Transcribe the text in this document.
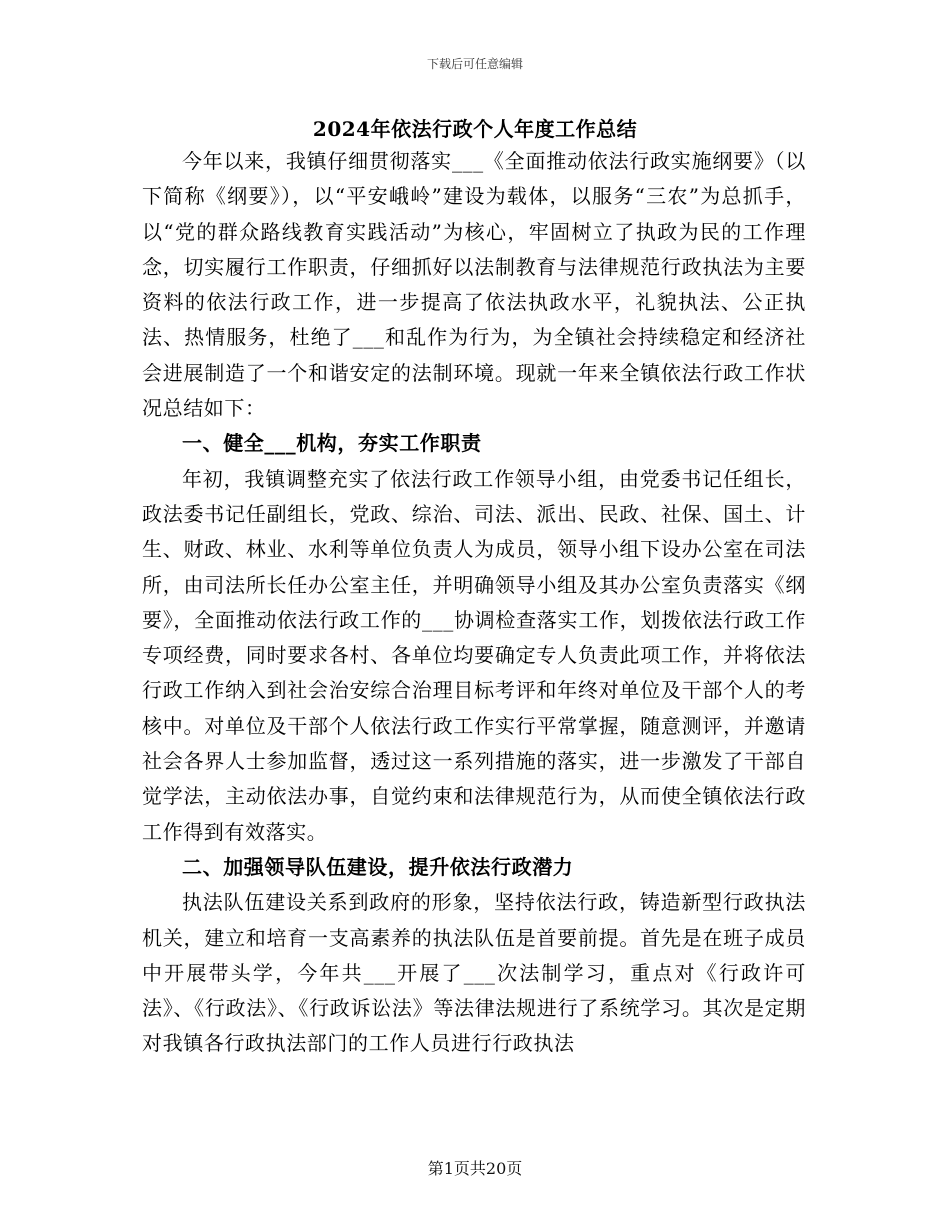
下载后可任意编辑
2024年依法行政个人年度工作总结

今年以来，我镇仔细贯彻落实___《全面推动依法行政实施纲要》（以下简称《纲要》），以“平安峨岭”建设为载体，以服务“三农”为总抓手，以“党的群众路线教育实践活动”为核心，牢固树立了执政为民的工作理念，切实履行工作职责，仔细抓好以法制教育与法律规范行政执法为主要资料的依法行政工作，进一步提高了依法执政水平，礼貌执法、公正执法、热情服务，杜绝了___和乱作为行为，为全镇社会持续稳定和经济社会进展制造了一个和谐安定的法制环境。现就一年来全镇依法行政工作状况总结如下：

一、健全___机构，夯实工作职责

年初，我镇调整充实了依法行政工作领导小组，由党委书记任组长，政法委书记任副组长，党政、综治、司法、派出、民政、社保、国土、计生、财政、林业、水利等单位负责人为成员，领导小组下设办公室在司法所，由司法所长任办公室主任，并明确领导小组及其办公室负责落实《纲要》，全面推动依法行政工作的___协调检查落实工作，划拨依法行政工作专项经费，同时要求各村、各单位均要确定专人负责此项工作，并将依法行政工作纳入到社会治安综合治理目标考评和年终对单位及干部个人的考核中。对单位及干部个人依法行政工作实行平常掌握，随意测评，并邀请社会各界人士参加监督，透过这一系列措施的落实，进一步激发了干部自觉学法，主动依法办事，自觉约束和法律规范行为，从而使全镇依法行政工作得到有效落实。

二、加强领导队伍建设，提升依法行政潜力

执法队伍建设关系到政府的形象，坚持依法行政，铸造新型行政执法机关，建立和培育一支高素养的执法队伍是首要前提。首先是在班子成员中开展带头学，今年共___开展了___次法制学习，重点对《行政许可法》、《行政法》、《行政诉讼法》等法律法规进行了系统学习。其次是定期对我镇各行政执法部门的工作人员进行行政执法

第1页共20页
